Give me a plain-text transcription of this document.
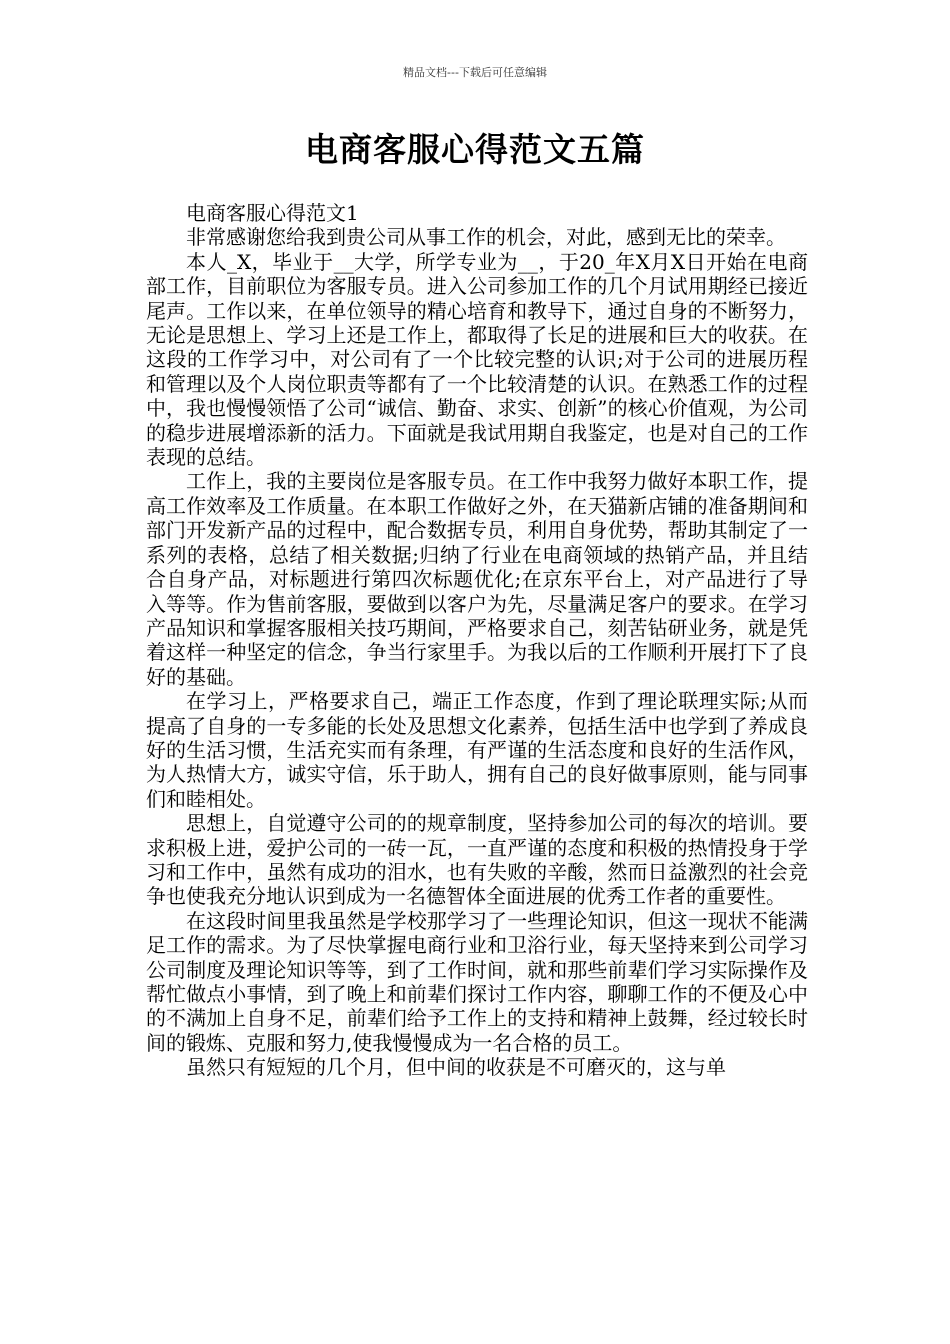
精品文档---下载后可任意编辑
电商客服心得范文五篇

电商客服心得范文1

非常感谢您给我到贵公司从事工作的机会，对此，感到无比的荣幸。

本人_X，毕业于__大学，所学专业为__，于20_年X月X日开始在电商部工作，目前职位为客服专员。进入公司参加工作的几个月试用期经已接近尾声。工作以来，在单位领导的精心培育和教导下，通过自身的不断努力，无论是思想上、学习上还是工作上，都取得了长足的进展和巨大的收获。在这段的工作学习中，对公司有了一个比较完整的认识;对于公司的进展历程和管理以及个人岗位职责等都有了一个比较清楚的认识。在熟悉工作的过程中，我也慢慢领悟了公司“诚信、勤奋、求实、创新”的核心价值观，为公司的稳步进展增添新的活力。下面就是我试用期自我鉴定，也是对自己的工作表现的总结。

工作上，我的主要岗位是客服专员。在工作中我努力做好本职工作，提高工作效率及工作质量。在本职工作做好之外，在天猫新店铺的准备期间和部门开发新产品的过程中，配合数据专员，利用自身优势，帮助其制定了一系列的表格，总结了相关数据;归纳了行业在电商领域的热销产品，并且结合自身产品，对标题进行第四次标题优化;在京东平台上，对产品进行了导入等等。作为售前客服，要做到以客户为先，尽量满足客户的要求。在学习产品知识和掌握客服相关技巧期间，严格要求自己，刻苦钻研业务，就是凭着这样一种坚定的信念，争当行家里手。为我以后的工作顺利开展打下了良好的基础。

在学习上，严格要求自己，端正工作态度，作到了理论联理实际;从而提高了自身的一专多能的长处及思想文化素养，包括生活中也学到了养成良好的生活习惯，生活充实而有条理，有严谨的生活态度和良好的生活作风，为人热情大方，诚实守信，乐于助人，拥有自己的良好做事原则，能与同事们和睦相处。

思想上，自觉遵守公司的的规章制度，坚持参加公司的每次的培训。要求积极上进，爱护公司的一砖一瓦，一直严谨的态度和积极的热情投身于学习和工作中，虽然有成功的泪水，也有失败的辛酸，然而日益激烈的社会竞争也使我充分地认识到成为一名德智体全面进展的优秀工作者的重要性。

在这段时间里我虽然是学校那学习了一些理论知识，但这一现状不能满足工作的需求。为了尽快掌握电商行业和卫浴行业，每天坚持来到公司学习公司制度及理论知识等等，到了工作时间，就和那些前辈们学习实际操作及帮忙做点小事情，到了晚上和前辈们探讨工作内容，聊聊工作的不便及心中的不满加上自身不足，前辈们给予工作上的支持和精神上鼓舞，经过较长时间的锻炼、克服和努力,使我慢慢成为一名合格的员工。

虽然只有短短的几个月，但中间的收获是不可磨灭的，这与单
